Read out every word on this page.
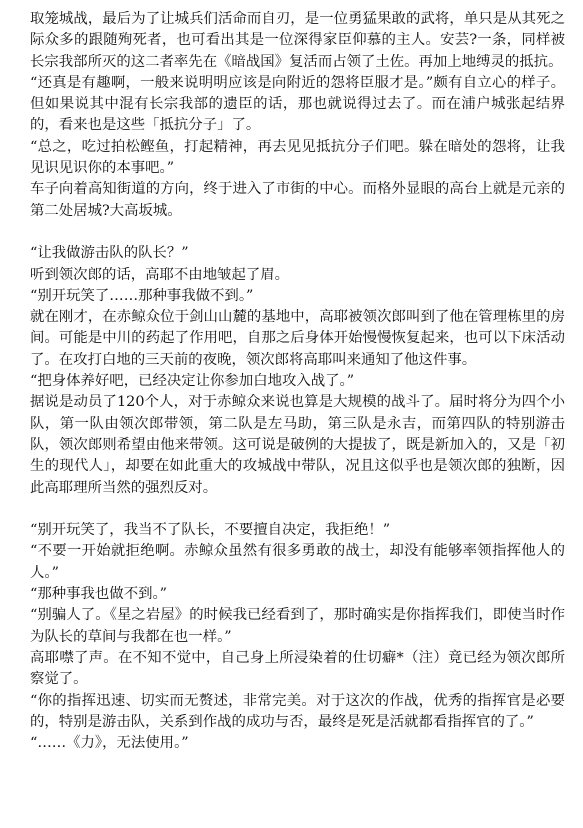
取笼城战，最后为了让城兵们活命而自刃，是一位勇猛果敢的武将，单只是从其死之际众多的跟随殉死者，也可看出其是一位深得家臣仰慕的主人。安芸?一条，同样被长宗我部所灭的这二者率先在《暗战国》复活而占领了土佐。再加上地缚灵的抵抗。

“还真是有趣啊，一般来说明明应该是向附近的怨将臣服才是。”颇有自立心的样子。但如果说其中混有长宗我部的遗臣的话，那也就说得过去了。而在浦户城张起结界的，看来也是这些「抵抗分子」了。

“总之，吃过拍松鲣鱼，打起精神，再去见见抵抗分子们吧。躲在暗处的怨将，让我见识见识你的本事吧。”

车子向着高知街道的方向，终于进入了市街的中心。而格外显眼的高台上就是元亲的第二处居城?大高坂城。

“让我做游击队的队长？”

听到领次郎的话，高耶不由地皱起了眉。

“别开玩笑了……那种事我做不到。”

就在刚才，在赤鲸众位于剑山山麓的基地中，高耶被领次郎叫到了他在管理栋里的房间。可能是中川的药起了作用吧，自那之后身体开始慢慢恢复起来，也可以下床活动了。在攻打白地的三天前的夜晚，领次郎将高耶叫来通知了他这件事。

“把身体养好吧，已经决定让你参加白地攻入战了。”

据说是动员了120个人，对于赤鲸众来说也算是大规模的战斗了。届时将分为四个小队，第一队由领次郎带领，第二队是左马助，第三队是永吉，而第四队的特别游击队，领次郎则希望由他来带领。这可说是破例的大提拔了，既是新加入的，又是「初生的现代人」，却要在如此重大的攻城战中带队，况且这似乎也是领次郎的独断，因此高耶理所当然的强烈反对。

“别开玩笑了，我当不了队长，不要擅自决定，我拒绝！”

“不要一开始就拒绝啊。赤鲸众虽然有很多勇敢的战士，却没有能够率领指挥他人的人。”

“那种事我也做不到。”

“别骗人了。《星之岩屋》的时候我已经看到了，那时确实是你指挥我们，即使当时作为队长的草间与我都在也一样。”

高耶噤了声。在不知不觉中，自己身上所浸染着的仕切癖*（注）竟已经为领次郎所察觉了。

“你的指挥迅速、切实而无赘述，非常完美。对于这次的作战，优秀的指挥官是必要的，特别是游击队，关系到作战的成功与否，最终是死是活就都看指挥官的了。”

“……《力》，无法使用。”
